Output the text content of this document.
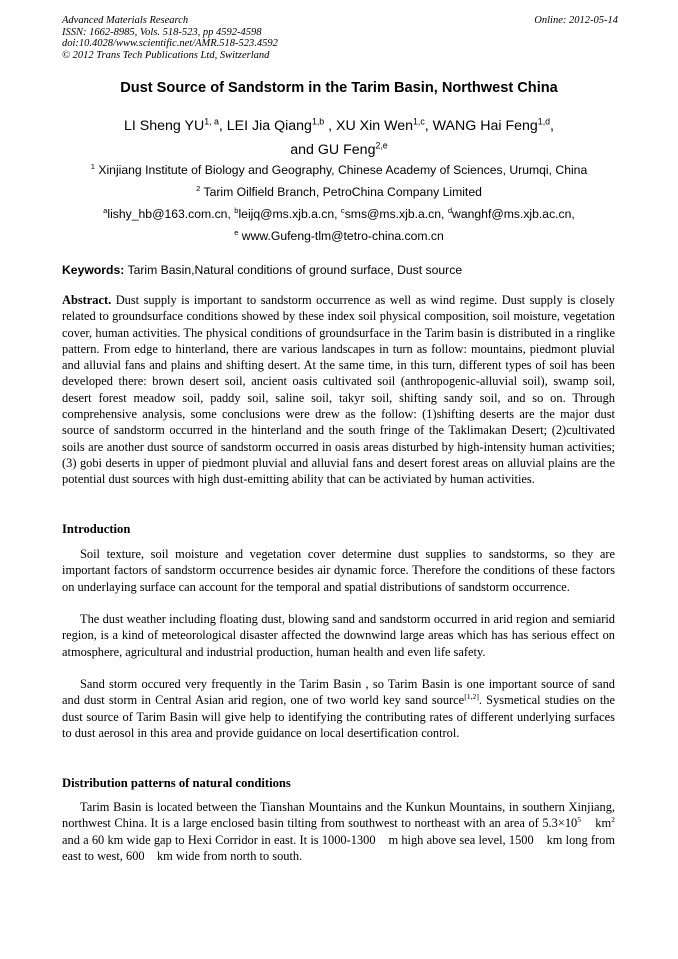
Advanced Materials Research
ISSN: 1662-8985, Vols. 518-523, pp 4592-4598
doi:10.4028/www.scientific.net/AMR.518-523.4592
© 2012 Trans Tech Publications Ltd, Switzerland
Online: 2012-05-14
Dust Source of Sandstorm in the Tarim Basin, Northwest China
LI Sheng YU$^{1, a}$, LEI Jia Qiang$^{1,b}$ , XU Xin Wen$^{1,c}$, WANG Hai Feng$^{1,d}$,
and GU Feng$^{2,e}$
$^1$ Xinjiang Institute of Biology and Geography, Chinese Academy of Sciences, Urumqi, China
$^2$ Tarim Oilfield Branch, PetroChina Company Limited
$^a$lishy_hb@163.com.cn, $^b$leijq@ms.xjb.a.cn, $^c$sms@ms.xjb.a.cn, $^d$wanghf@ms.xjb.ac.cn,
$^e$ www.Gufeng-tlm@tetro-china.com.cn
Keywords: Tarim Basin,Natural conditions of ground surface, Dust source
Abstract. Dust supply is important to sandstorm occurrence as well as wind regime. Dust supply is closely related to groundsurface conditions showed by these index soil physical composition, soil moisture, vegetation cover, human activities. The physical conditions of groundsurface in the Tarim basin is distributed in a ringlike pattern. From edge to hinterland, there are various landscapes in turn as follow: mountains, piedmont pluvial and alluvial fans and plains and shifting desert. At the same time, in this turn, different types of soil has been developed there: brown desert soil, ancient oasis cultivated soil (anthropogenic-alluvial soil), swamp soil, desert forest meadow soil, paddy soil, saline soil, takyr soil, shifting sandy soil, and so on. Through comprehensive analysis, some conclusions were drew as the follow: (1)shifting deserts are the major dust source of sandstorm occurred in the hinterland and the south fringe of the Taklimakan Desert; (2)cultivated soils are another dust source of sandstorm occurred in oasis areas disturbed by high-intensity human activities; (3) gobi deserts in upper of piedmont pluvial and alluvial fans and desert forest areas on alluvial plains are the potential dust sources with high dust-emitting ability that can be activiated by human activities.
Introduction
Soil texture, soil moisture and vegetation cover determine dust supplies to sandstorms, so they are important factors of sandstorm occurrence besides air dynamic force. Therefore the conditions of these factors on underlaying surface can account for the temporal and spatial distributions of sandstorm occurrence.
The dust weather including floating dust, blowing sand and sandstorm occurred in arid region and semiarid region, is a kind of meteorological disaster affected the downwind large areas which has has serious effect on atmosphere, agricultural and industrial production, human health and even life safety.
Sand storm occured very frequently in the Tarim Basin , so Tarim Basin is one important source of sand and dust storm in Central Asian arid region, one of two world key sand source[1,2]. Sysmetical studies on the dust source of Tarim Basin will give help to identifying the contributing rates of different underlying surfaces to dust aerosol in this area and provide guidance on local desertification control.
Distribution patterns of natural conditions
Tarim Basin is located between the Tianshan Mountains and the Kunkun Mountains, in southern Xinjiang, northwest China. It is a large enclosed basin tilting from southwest to northeast with an area of $5.3\times 10^5$    $km^2$ and a 60 km wide gap to Hexi Corridor in east. It is 1000-1300    m high above sea level, 1500    km long from east to west, 600    km wide from north to south.
